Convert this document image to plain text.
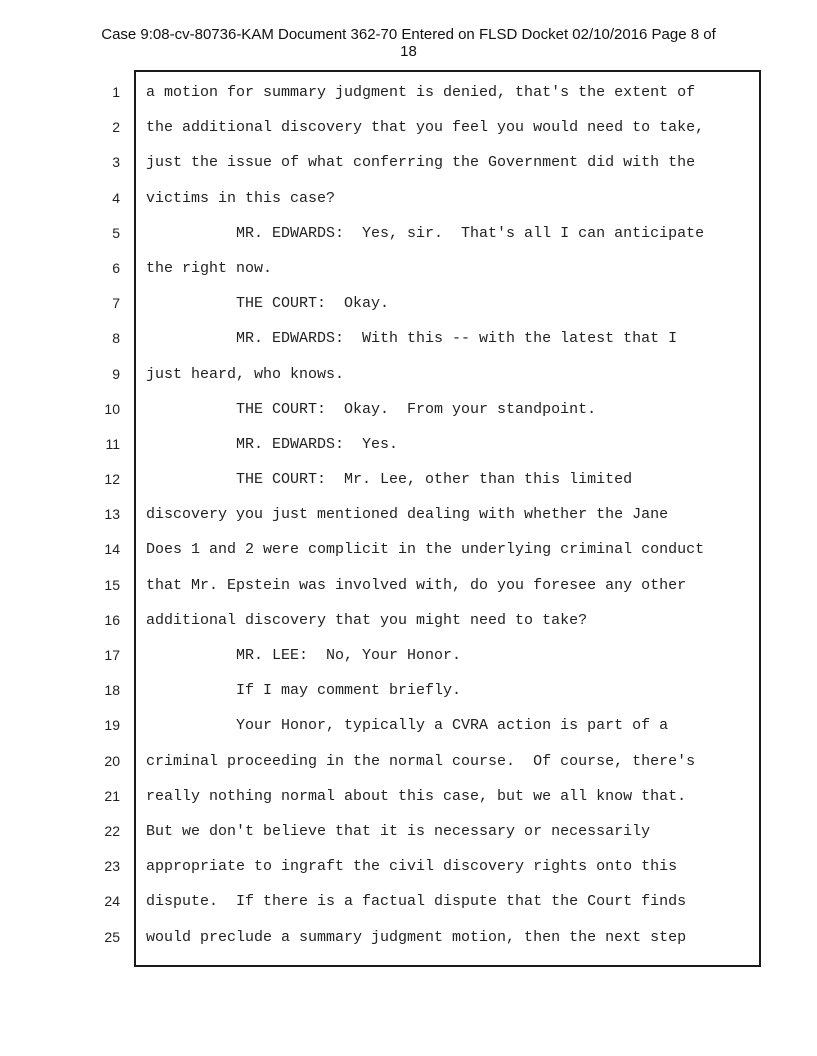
Case 9:08-cv-80736-KAM Document 362-70 Entered on FLSD Docket 02/10/2016 Page 8 of
18
1
2
3
4
5
6
7
8
9
10
11
12
13
14
15
16
17
18
19
20
21
22
23
24
25
a motion for summary judgment is denied, that's the extent of
the additional discovery that you feel you would need to take,
just the issue of what conferring the Government did with the
victims in this case?
MR. EDWARDS:  Yes, sir.  That's all I can anticipate
the right now.
THE COURT:  Okay.
MR. EDWARDS:  With this -- with the latest that I
just heard, who knows.
THE COURT:  Okay.  From your standpoint.
MR. EDWARDS:  Yes.
THE COURT:  Mr. Lee, other than this limited
discovery you just mentioned dealing with whether the Jane
Does 1 and 2 were complicit in the underlying criminal conduct
that Mr. Epstein was involved with, do you foresee any other
additional discovery that you might need to take?
MR. LEE:  No, Your Honor.
If I may comment briefly.
Your Honor, typically a CVRA action is part of a
criminal proceeding in the normal course.  Of course, there's
really nothing normal about this case, but we all know that.
But we don't believe that it is necessary or necessarily
appropriate to ingraft the civil discovery rights onto this
dispute.  If there is a factual dispute that the Court finds
would preclude a summary judgment motion, then the next step
